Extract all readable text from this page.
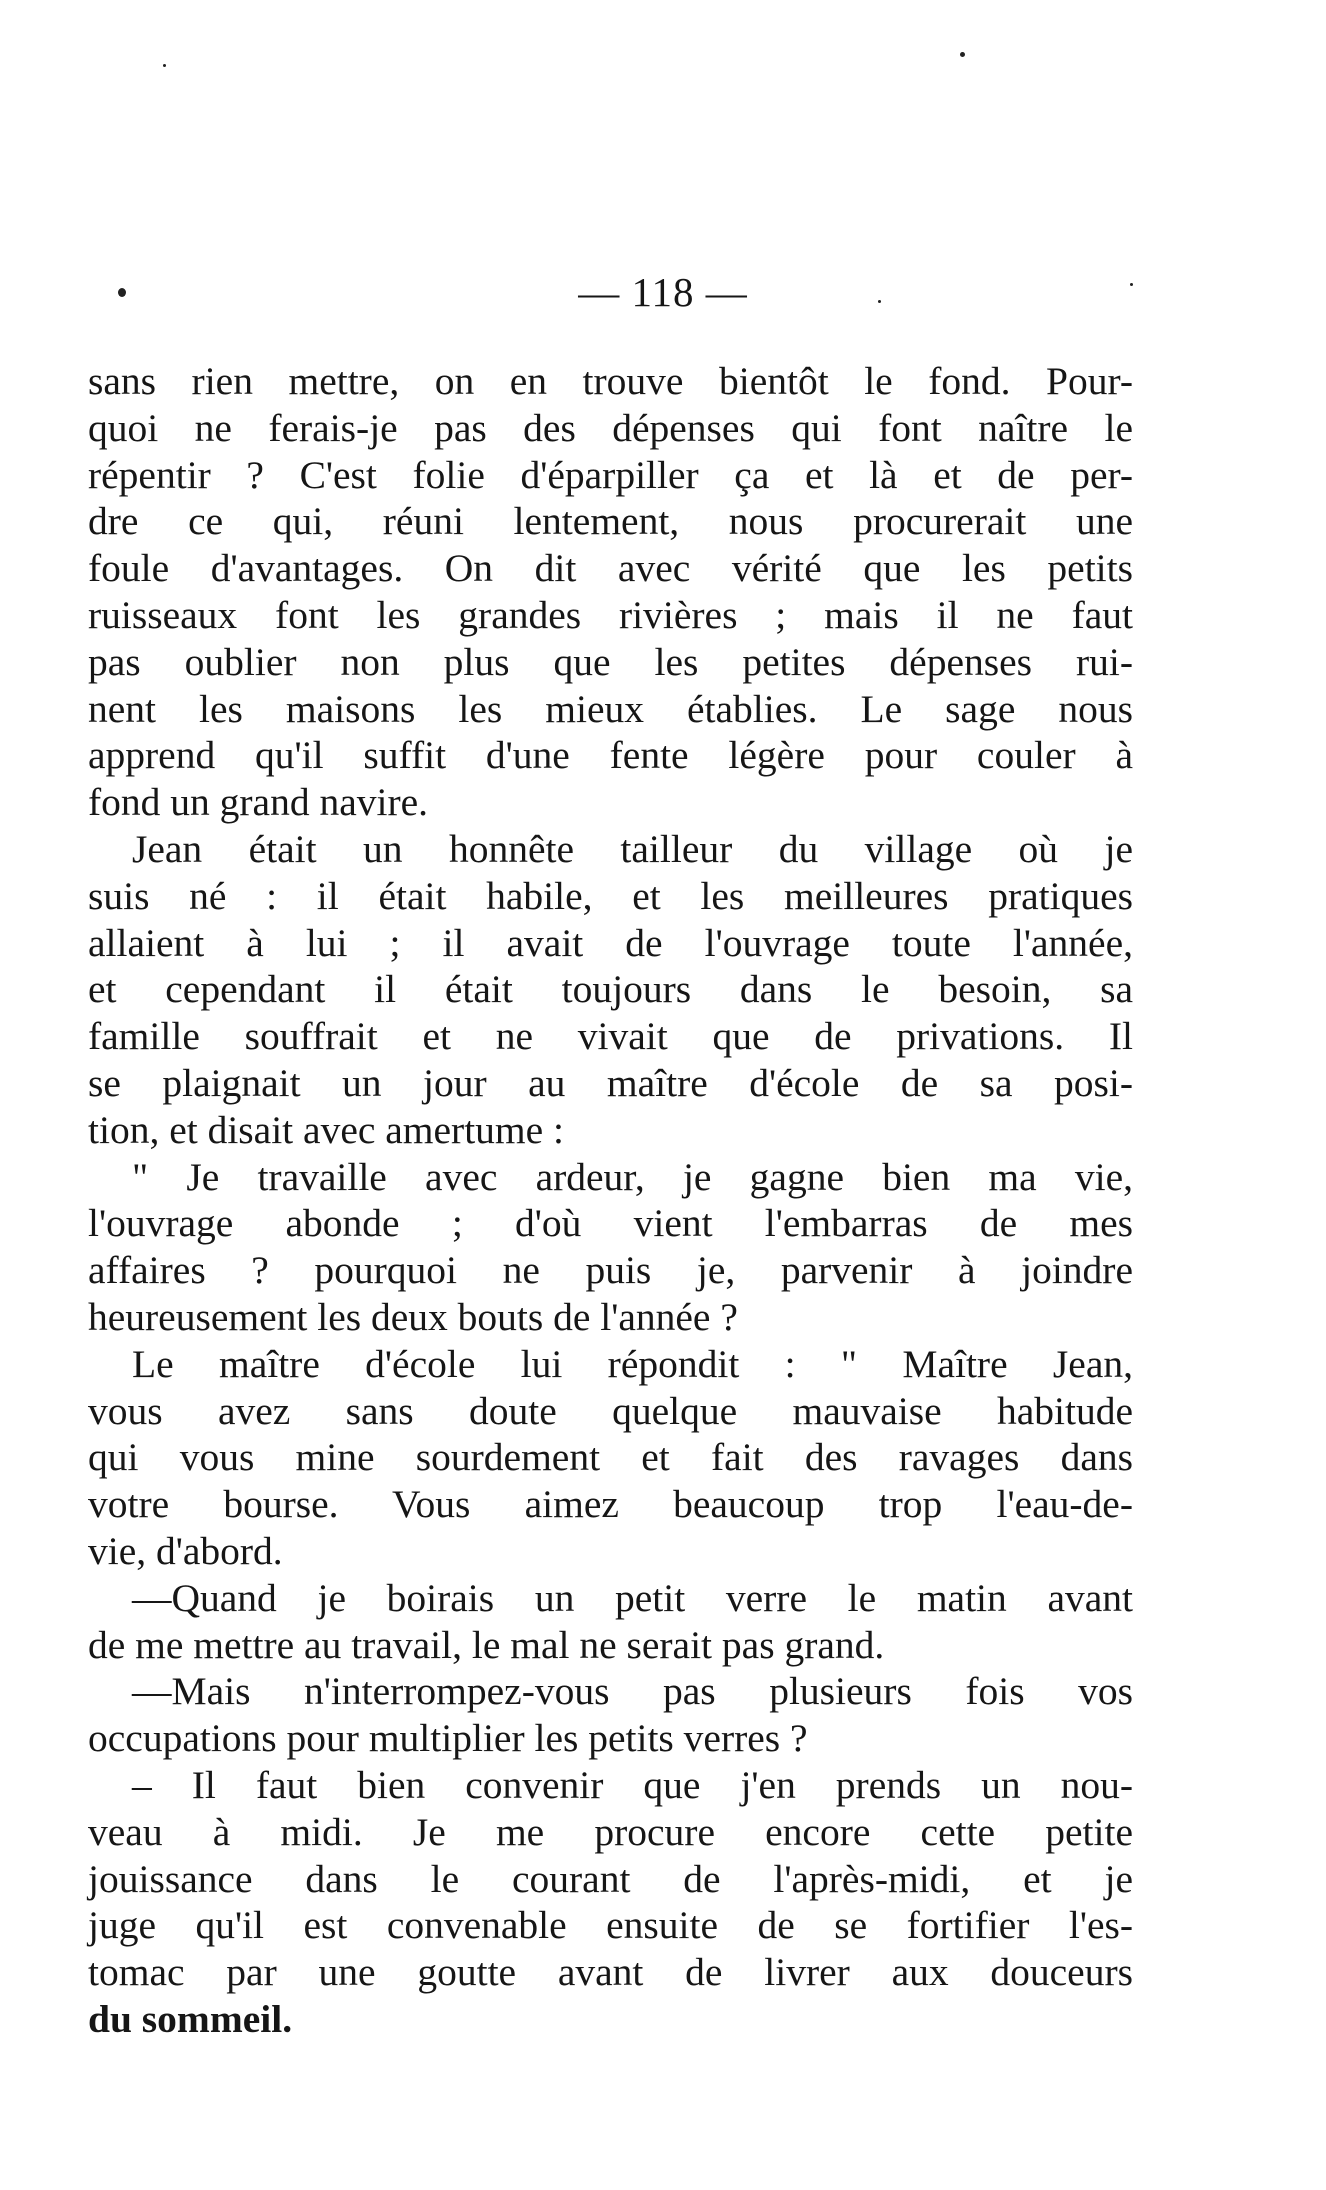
— 118 —
sans rien mettre, on en trouve bientôt le fond. Pour-
quoi ne ferais-je pas des dépenses qui font naître le
répentir ? C'est folie d'éparpiller ça et là et de per-
dre ce qui, réuni lentement, nous procurerait une
foule d'avantages. On dit avec vérité que les petits
ruisseaux font les grandes rivières ; mais il ne faut
pas oublier non plus que les petites dépenses rui-
nent les maisons les mieux établies. Le sage nous
apprend qu'il suffit d'une fente légère pour couler à
fond un grand navire.
Jean était un honnête tailleur du village où je
suis né : il était habile, et les meilleures pratiques
allaient à lui ; il avait de l'ouvrage toute l'année,
et cependant il était toujours dans le besoin, sa
famille souffrait et ne vivait que de privations. Il
se plaignait un jour au maître d'école de sa posi-
tion, et disait avec amertume :
" Je travaille avec ardeur, je gagne bien ma vie,
l'ouvrage abonde ; d'où vient l'embarras de mes
affaires ? pourquoi ne puis je, parvenir à joindre
heureusement les deux bouts de l'année ?
Le maître d'école lui répondit : " Maître Jean,
vous avez sans doute quelque mauvaise habitude
qui vous mine sourdement et fait des ravages dans
votre bourse. Vous aimez beaucoup trop l'eau-de-
vie, d'abord.
—Quand je boirais un petit verre le matin avant
de me mettre au travail, le mal ne serait pas grand.
—Mais n'interrompez-vous pas plusieurs fois vos
occupations pour multiplier les petits verres ?
– Il faut bien convenir que j'en prends un nou-
veau à midi. Je me procure encore cette petite
jouissance dans le courant de l'après-midi, et je
juge qu'il est convenable ensuite de se fortifier l'es-
tomac par une goutte avant de livrer aux douceurs
du sommeil.
